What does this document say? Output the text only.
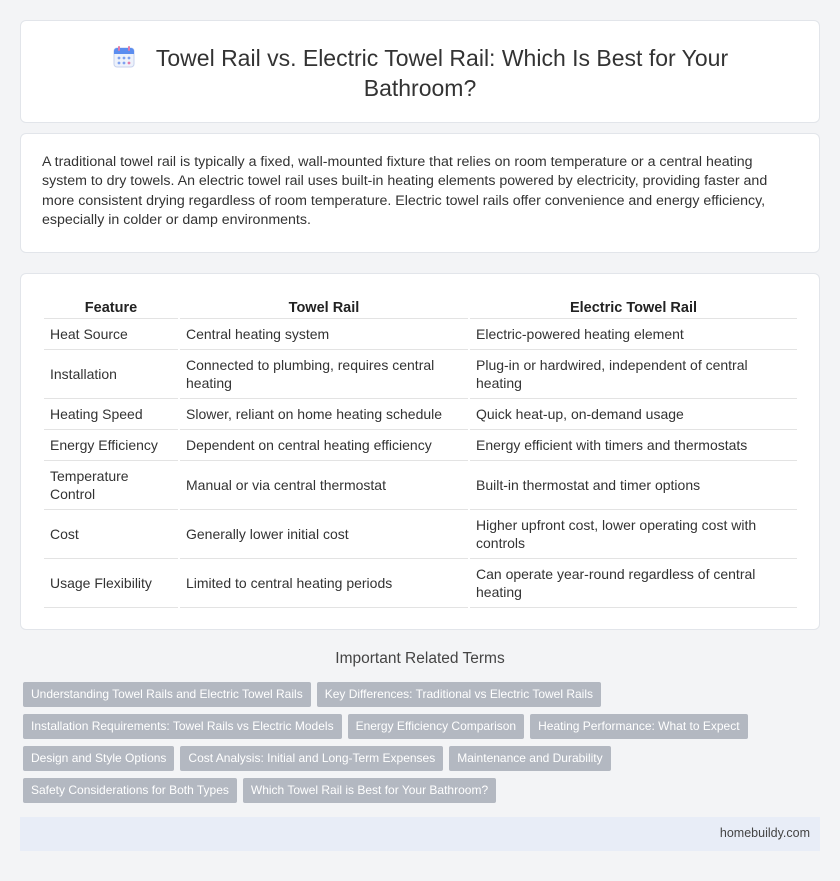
Towel Rail vs. Electric Towel Rail: Which Is Best for Your Bathroom?

A traditional towel rail is typically a fixed, wall-mounted fixture that relies on room temperature or a central heating system to dry towels. An electric towel rail uses built-in heating elements powered by electricity, providing faster and more consistent drying regardless of room temperature. Electric towel rails offer convenience and energy efficiency, especially in colder or damp environments.

Feature	Towel Rail	Electric Towel Rail
Heat Source	Central heating system	Electric-powered heating element
Installation	Connected to plumbing, requires central heating	Plug-in or hardwired, independent of central heating
Heating Speed	Slower, reliant on home heating schedule	Quick heat-up, on-demand usage
Energy Efficiency	Dependent on central heating efficiency	Energy efficient with timers and thermostats
Temperature Control	Manual or via central thermostat	Built-in thermostat and timer options
Cost	Generally lower initial cost	Higher upfront cost, lower operating cost with controls
Usage Flexibility	Limited to central heating periods	Can operate year-round regardless of central heating
Important Related Terms
Understanding Towel Rails and Electric Towel Rails Key Differences: Traditional vs Electric Towel Rails
Installation Requirements: Towel Rails vs Electric Models Energy Efficiency Comparison Heating Performance: What to Expect
Design and Style Options Cost Analysis: Initial and Long-Term Expenses Maintenance and Durability
Safety Considerations for Both Types Which Towel Rail is Best for Your Bathroom?
homebuildy.com
